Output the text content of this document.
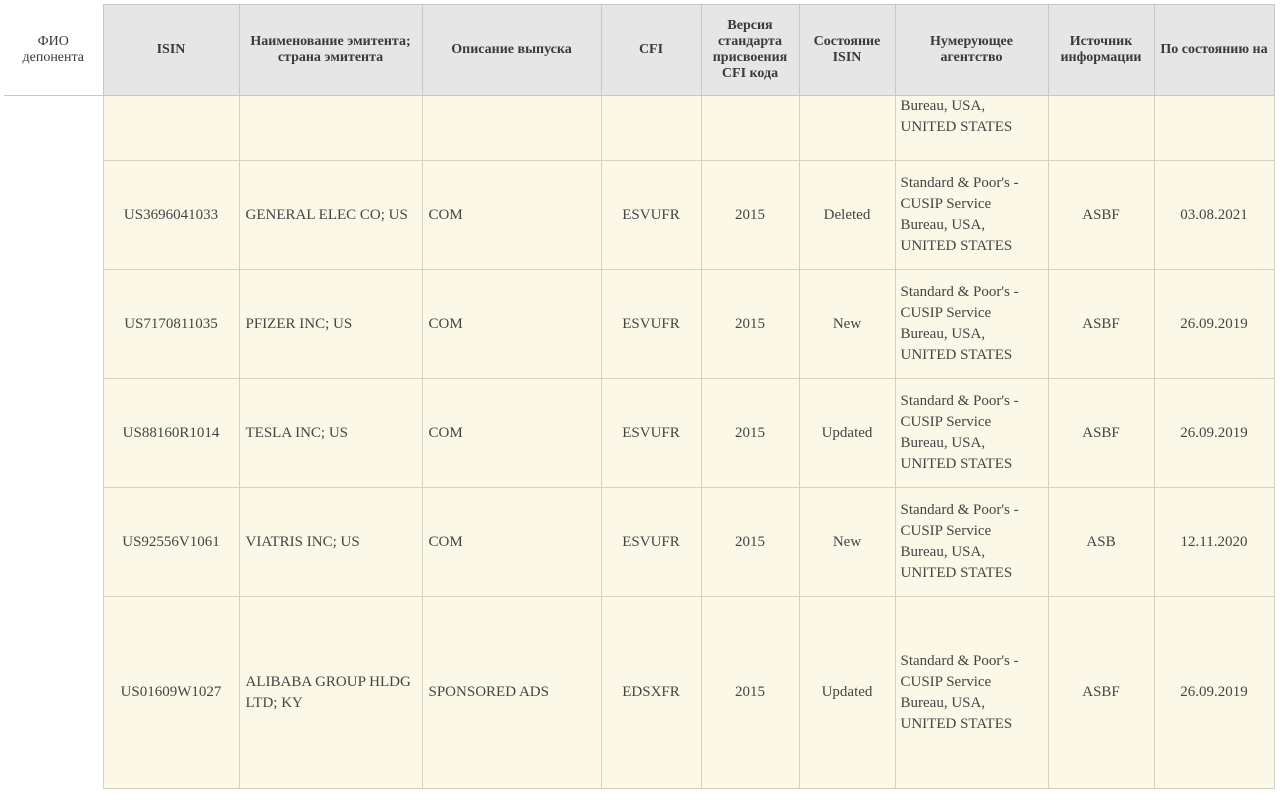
ФИО депонента	ISIN	Наименование эмитента; страна эмитента	Описание выпуска	CFI	Версия стандарта присвоения CFI кода	Состояние ISIN	Нумерующее агентство	Источник информации	По состоянию на

							Bureau, USA,
UNITED STATES		

	US3696041033	GENERAL ELEC CO; US	COM	ESVUFR	2015	Deleted	Standard & Poor's -
CUSIP Service
Bureau, USA,
UNITED STATES	ASBF	03.08.2021
	US7170811035	PFIZER INC; US	COM	ESVUFR	2015	New	Standard & Poor's -
CUSIP Service
Bureau, USA,
UNITED STATES	ASBF	26.09.2019
	US88160R1014	TESLA INC; US	COM	ESVUFR	2015	Updated	Standard & Poor's -
CUSIP Service
Bureau, USA,
UNITED STATES	ASBF	26.09.2019
	US92556V1061	VIATRIS INC; US	COM	ESVUFR	2015	New	Standard & Poor's -
CUSIP Service
Bureau, USA,
UNITED STATES	ASB	12.11.2020
	US01609W1027	ALIBABA GROUP HLDG LTD; KY	SPONSORED ADS	EDSXFR	2015	Updated	Standard & Poor's -
CUSIP Service
Bureau, USA,
UNITED STATES	ASBF	26.09.2019
